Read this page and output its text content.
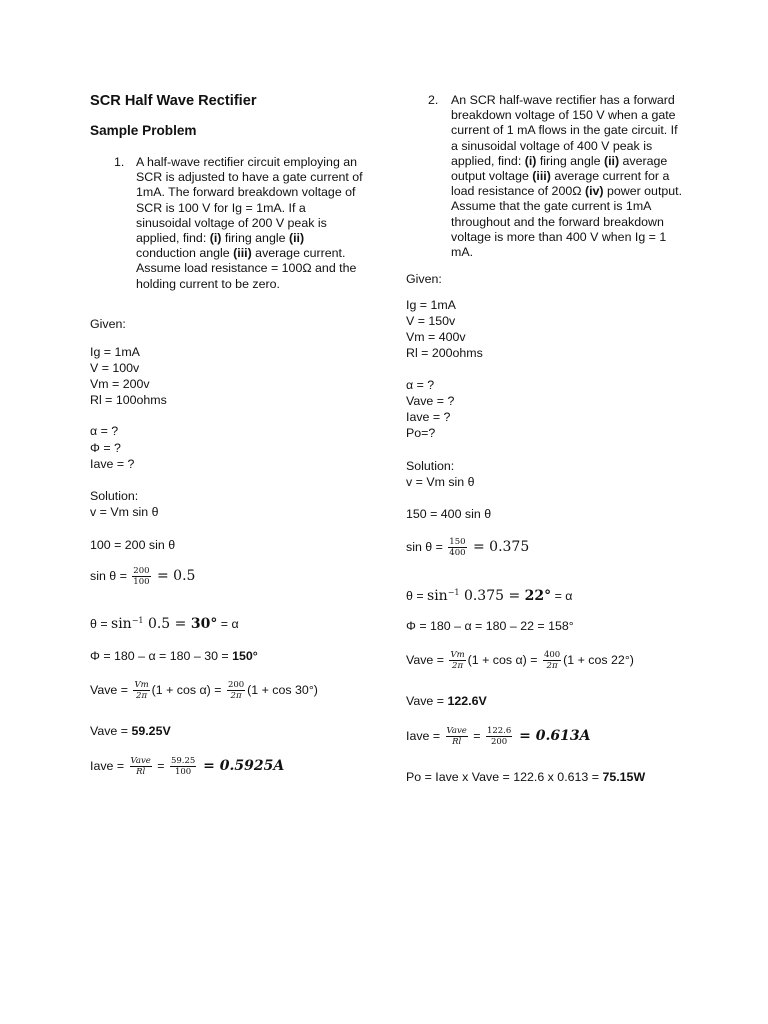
SCR Half Wave Rectifier
Sample Problem
1. A half-wave rectifier circuit employing an SCR is adjusted to have a gate current of 1mA. The forward breakdown voltage of SCR is 100 V for Ig = 1mA. If a sinusoidal voltage of 200 V peak is applied, find: (i) firing angle (ii) conduction angle (iii) average current. Assume load resistance = 100Ω and the holding current to be zero.
Given:
Ig = 1mA
V = 100v
Vm = 200v
Rl = 100ohms
α = ?
Φ = ?
Iave = ?
Solution:
v = Vm sin θ
100 = 200 sin θ
$\sin \theta = \frac{200}{100} = 0.5$
$\theta = \sin^{-1} 0.5 = 30^\circ = \alpha$
Φ = 180 – α = 180 – 30 = 150°
Vave = $\frac{Vm}{2\pi} (1 + \cos \alpha) = \frac{200}{2\pi} (1 + \cos 30^\circ)$
Vave = 59.25V
Iave = $\frac{\text{Vave}}{Rl} = \frac{59.25}{100} = 0.5925A$
2. An SCR half-wave rectifier has a forward breakdown voltage of 150 V when a gate current of 1 mA flows in the gate circuit. If a sinusoidal voltage of 400 V peak is applied, find: (i) firing angle (ii) average output voltage (iii) average current for a load resistance of 200Ω (iv) power output. Assume that the gate current is 1mA throughout and the forward breakdown voltage is more than 400 V when Ig = 1 mA.
Given:
Ig = 1mA
V = 150v
Vm = 400v
Rl = 200ohms
α = ?
Vave = ?
Iave = ?
Po=?
Solution:
v = Vm sin θ
150 = 400 sin θ
$\sin \theta = \frac{150}{400} = 0.375$
$\theta = \sin^{-1} 0.375 = 22^\circ = \alpha$
Φ = 180 – α = 180 – 22 = 158°
Vave = $\frac{Vm}{2\pi} (1 + \cos \alpha) = \frac{400}{2\pi} (1 + \cos 22^\circ)$
Vave = 122.6V
Iave = $\frac{\text{Vave}}{Rl} = \frac{122.6}{200} = 0.613A$
Po = Iave x Vave = 122.6 x 0.613 = 75.15W
